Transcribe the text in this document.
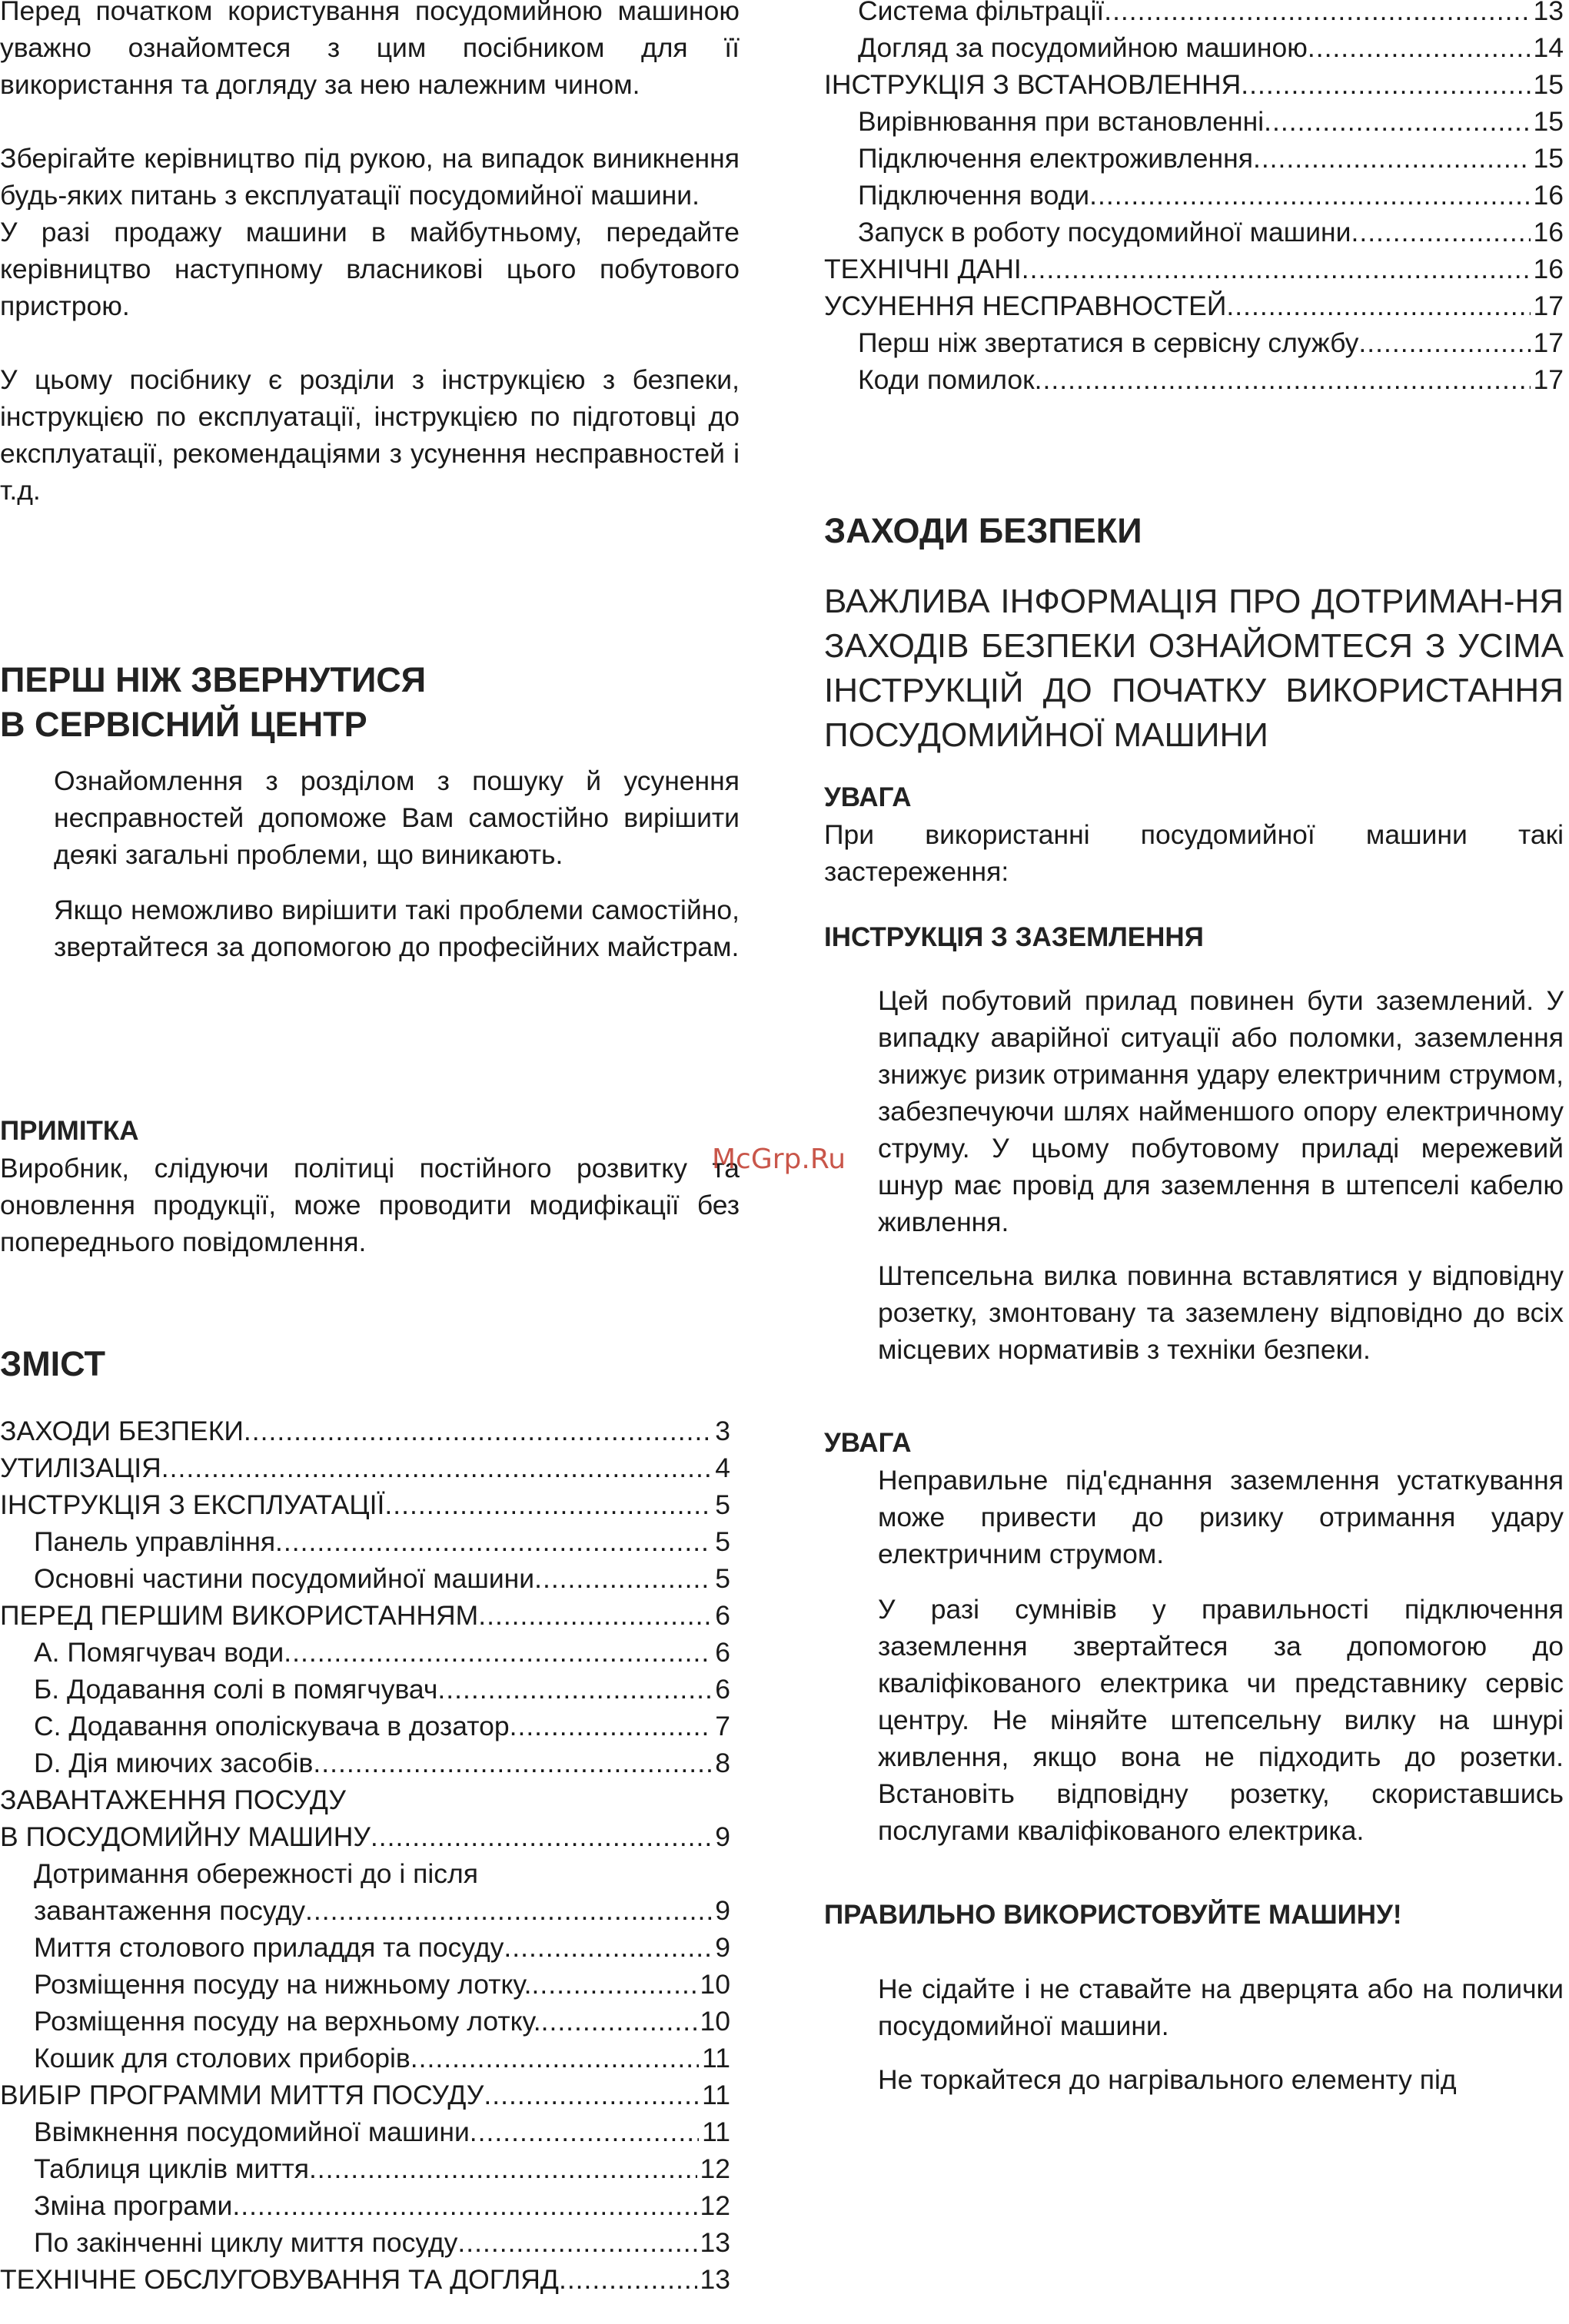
Перед початком користування посудомийною машиною уважно ознайомтеся з цим посібником для її використання та догляду за нею належним чином.

Зберігайте керівництво під рукою, на випадок виникнення будь-яких питань з експлуатації посудомийної машини.

У разі продажу машини в майбутньому, передайте керівництво наступному власникові цього побутового пристрою.

У цьому посібнику є розділи з інструкцією з безпеки, інструкцією по експлуатації, інструкцією по підготовці до експлуатації, рекомендаціями з усунення несправностей і т.д.

ПЕРШ НІЖ ЗВЕРНУТИСЯ

В СЕРВІСНИЙ ЦЕНТР

Ознайомлення з розділом з пошуку й усунення несправностей допоможе Вам самостійно вирішити деякі загальні проблеми, що виникають.

Якщо неможливо вирішити такі проблеми самостійно, звертайтеся за допомогою до професійних майстрам.

ПРИМІТКА

Виробник, слідуючи політиці постійного розвитку та оновлення продукції, може проводити модифікації без попереднього повідомлення.

ЗМІСТ

ЗАХОДИ БЕЗПЕКИ .....	3
УТИЛІЗАЦІЯ .....	4
ІНСТРУКЦІЯ З ЕКСПЛУАТАЦІЇ .....	5
Панель управління .....	5
Основні частини посудомийної машини .....	5
ПЕРЕД ПЕРШИМ ВИКОРИСТАННЯМ .....	6
A. Помягчувач води .....	6
Б. Додавання солі в помягчувач .....	6
C. Додавання ополіскувача в дозатор .....	7
D. Дія миючих засобів .....	8
ЗАВАНТАЖЕННЯ ПОСУДУ
В ПОСУДОМИЙНУ МАШИНУ .....	9
Дотримання обережності до і після
завантаження посуду .....	9
Миття столового приладдя та посуду .....	9
Розміщення посуду на нижньому лотку. .....	10
Розміщення посуду на верхньому лотку. .....	10
Кошик для столових приборів .....	11
ВИБІР ПРОГРАММИ МИТТЯ ПОСУДУ .....	11
Ввімкнення посудомийної машини .....	11
Таблиця циклів миття .....	12
Зміна програми .....	12
По закінченні циклу миття посуду .....	13
ТЕХНІЧНЕ ОБСЛУГОВУВАННЯ ТА ДОГЛЯД .....	13
Система фільтрації .....	13
Догляд за посудомийною машиною .....	14
ІНСТРУКЦІЯ З ВСТАНОВЛЕННЯ .....	15
Вирівнювання при встановленні .....	15
Підключення електроживлення .....	15
Підключення води .....	16
Запуск в роботу посудомийної машини .....	16
ТЕХНІЧНІ ДАНІ .....	16
УСУНЕННЯ НЕСПРАВНОСТЕЙ .....	17
Перш ніж звертатися в сервісну службу .....	17
Коди помилок .....	17

ЗАХОДИ БЕЗПЕКИ

ВАЖЛИВА ІНФОРМАЦІЯ ПРО ДОТРИМАН-НЯ ЗАХОДІВ БЕЗПЕКИ ОЗНАЙОМТЕСЯ З УСІМА ІНСТРУКЦІЙ ДО ПОЧАТКУ ВИКОРИСТАННЯ ПОСУДОМИЙНОЇ МАШИНИ

УВАГА

При використанні посудомийної машини такі застереження:

ІНСТРУКЦІЯ З ЗАЗЕМЛЕННЯ

Цей побутовий прилад повинен бути заземлений. У випадку аварійної ситуації або поломки, заземлення знижує ризик отримання удару електричним струмом, забезпечуючи шлях найменшого опору електричному струму. У цьому побутовому приладі мережевий шнур має провід для заземлення в штепселі кабелю живлення.

Штепсельна вилка повинна вставлятися у відповідну розетку, змонтовану та заземлену відповідно до всіх місцевих нормативів з техніки безпеки.

УВАГА

Неправильне під'єднання заземлення устаткування може привести до ризику отримання удару електричним струмом.

У разі сумнівів у правильності підключення заземлення звертайтеся за допомогою до кваліфікованого електрика чи представнику сервіс центру. Не міняйте штепсельну вилку на шнурі живлення, якщо вона не підходить до розетки. Встановіть відповідну розетку, скориставшись послугами кваліфікованого електрика.

ПРАВИЛЬНО ВИКОРИСТОВУЙТЕ МАШИНУ!

Не сідайте і не ставайте на дверцята або на полички посудомийної машини.

Не торкайтеся до нагрівального елементу під

McGrp.Ru
